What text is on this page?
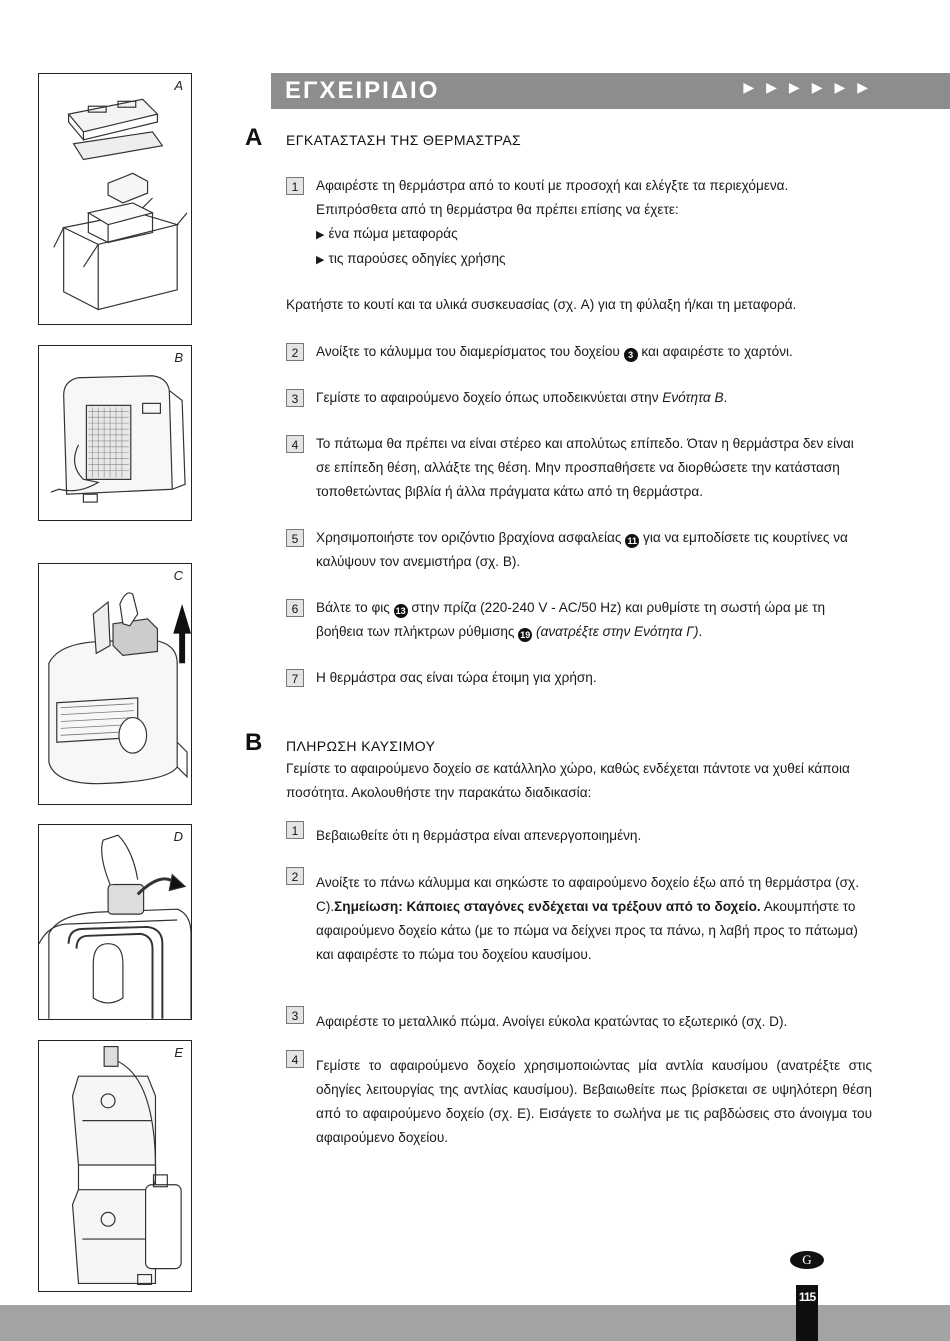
A
B
C
D
E
ΕΓΧΕΙΡΙΔΙΟ	▶▶▶▶▶▶
A ΕΓΚΑΤΑΣΤΑΣΗ ΤΗΣ ΘΕΡΜΑΣΤΡΑΣ
1	Αφαιρέστε τη θερμάστρα από το κουτί με προσοχή και ελέγξτε τα περιεχόμενα.
Επιπρόσθετα από τη θερμάστρα θα πρέπει επίσης να έχετε:
▶ ένα πώμα μεταφοράς
▶ τις παρούσες οδηγίες χρήσης
Κρατήστε το κουτί και τα υλικά συσκευασίας (σχ. A) για τη φύλαξη ή/και τη μεταφορά.
2	Ανοίξτε το κάλυμμα του διαμερίσματος του δοχείου 3 και αφαιρέστε το χαρτόνι.
3	Γεμίστε το αφαιρούμενο δοχείο όπως υποδεικνύεται στην Ενότητα B.
4	Το πάτωμα θα πρέπει να είναι στέρεο και απολύτως επίπεδο. Όταν η θερμάστρα δεν είναι σε επίπεδη θέση, αλλάξτε της θέση. Μην προσπαθήσετε να διορθώσετε την κατάσταση τοποθετώντας βιβλία ή άλλα πράγματα κάτω από τη θερμάστρα.
5	Χρησιμοποιήστε τον οριζόντιο βραχίονα ασφαλείας 11 για να εμποδίσετε τις κουρτίνες να καλύψουν τον ανεμιστήρα (σχ. B).
6	Βάλτε το φις 13 στην πρίζα (220-240 V - AC/50 Hz) και ρυθμίστε τη σωστή ώρα με τη βοήθεια των πλήκτρων ρύθμισης 19 (ανατρέξτε στην Ενότητα Γ).
7	Η θερμάστρα σας είναι τώρα έτοιμη για χρήση.
B ΠΛΗΡΩΣΗ ΚΑΥΣΙΜΟΥ
Γεμίστε το αφαιρούμενο δοχείο σε κατάλληλο χώρο, καθώς ενδέχεται πάντοτε να χυθεί κάποια ποσότητα. Ακολουθήστε την παρακάτω διαδικασία:
1	Βεβαιωθείτε ότι η θερμάστρα είναι απενεργοποιημένη.
2	Ανοίξτε το πάνω κάλυμμα και σηκώστε το αφαιρούμενο δοχείο έξω από τη θερμάστρα (σχ. C).Σημείωση: Κάποιες σταγόνες ενδέχεται να τρέξουν από το δοχείο. Ακουμπήστε το αφαιρούμενο δοχείο κάτω (με το πώμα να δείχνει προς τα πάνω, η λαβή προς το πάτωμα) και αφαιρέστε το πώμα του δοχείου καυσίμου.
3	Αφαιρέστε το μεταλλικό πώμα. Ανοίγει εύκολα κρατώντας το εξωτερικό (σχ. D).
4	Γεμίστε το αφαιρούμενο δοχείο χρησιμοποιώντας μία αντλία καυσίμου (ανατρέξτε στις οδηγίες λειτουργίας της αντλίας καυσίμου). Βεβαιωθείτε πως βρίσκεται σε υψηλότερη θέση από το αφαιρούμενο δοχείο (σχ. E). Εισάγετε το σωλήνα με τις ραβδώσεις στο άνοιγμα του αφαιρούμενο δοχείου.
G
115
